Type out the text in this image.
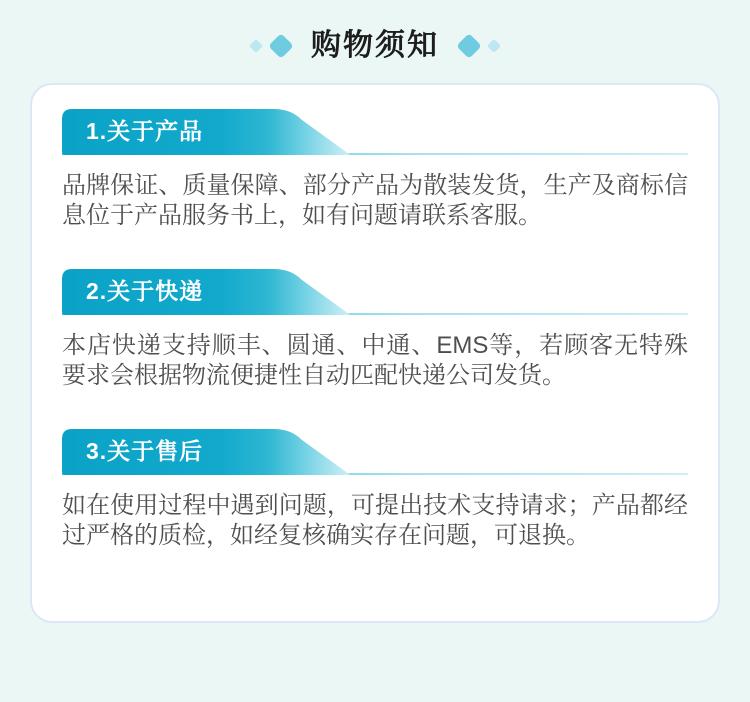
购物须知
1.关于产品

品牌保证、质量保障、部分产品为散装发货，生产及商标信息位于产品服务书上，如有问题请联系客服。

2.关于快递

本店快递支持顺丰、圆通、中通、EMS等，若顾客无特殊要求会根据物流便捷性自动匹配快递公司发货。

3.关于售后

如在使用过程中遇到问题，可提出技术支持请求；产品都经过严格的质检，如经复核确实存在问题，可退换。
